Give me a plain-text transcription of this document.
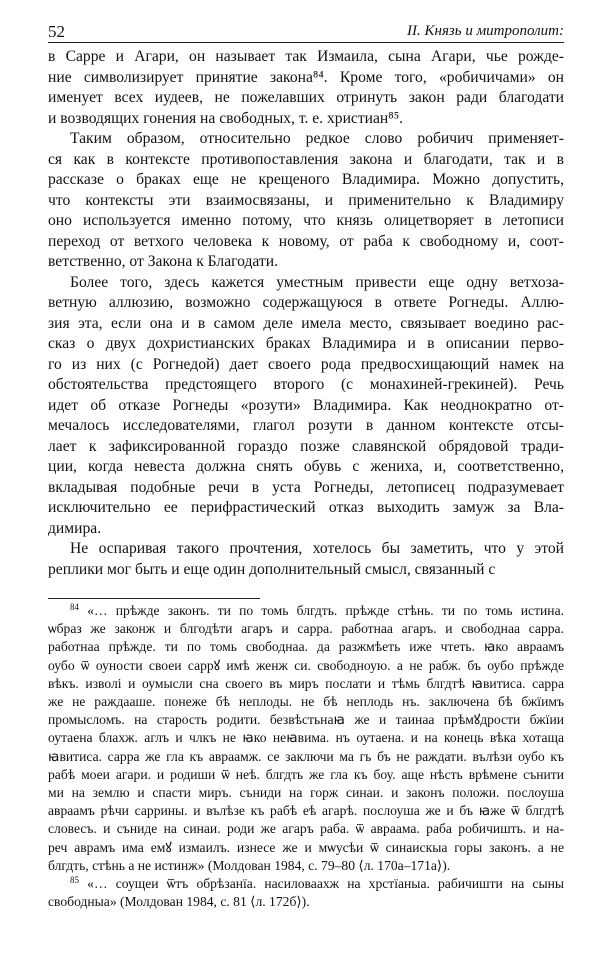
52	II. Князь и митрополит:
в Сарре и Агари, он называет так Измаила, сына Агари, чье рожде-
ние символизирует принятие закона⁸⁴. Кроме того, «робичичами» он
именует всех иудеев, не пожелавших отринуть закон ради благодати
и возводящих гонения на свободных, т. е. христиан⁸⁵.
Таким образом, относительно редкое слово робичич применяет-
ся как в контексте противопоставления закона и благодати, так и в
рассказе о браках еще не крещеного Владимира. Можно допустить,
что контексты эти взаимосвязаны, и применительно к Владимиру
оно используется именно потому, что князь олицетворяет в летописи
переход от ветхого человека к новому, от раба к свободному и, соот-
ветственно, от Закона к Благодати.
Более того, здесь кажется уместным привести еще одну ветхоза-
ветную аллюзию, возможно содержащуюся в ответе Рогнеды. Аллю-
зия эта, если она и в самом деле имела место, связывает воедино рас-
сказ о двух дохристианских браках Владимира и в описании перво-
го из них (с Рогнедой) дает своего рода предвосхищающий намек на
обстоятельства предстоящего второго (с монахиней-грекиней). Речь
идет об отказе Рогнеды «розути» Владимира. Как неоднократно от-
мечалось исследователями, глагол розути в данном контексте отсы-
лает к зафиксированной гораздо позже славянской обрядовой тради-
ции, когда невеста должна снять обувь с жениха, и, соответственно,
вкладывая подобные речи в уста Рогнеды, летописец подразумевает
исключительно ее перифрастический отказ выходить замуж за Вла-
димира.
Не оспаривая такого прочтения, хотелось бы заметить, что у этой
реплики мог быть и еще один дополнительный смысл, связанный с
$^{84}$ «… прѣжде законъ. ти по томь блгдть. прѣжде стѣнь. ти по томь истина.
ѡбраз же законж и блгодѣти агаръ и сарра. работнаа агаръ. и свободнаа сарра.
работнаа прѣжде. ти по томь свободнаа. да разжмѣеть иже чтеть. ꙗко авраамъ
оубо ѿ оуности своеи саррꙋ имѣ женж си. свободноую. а не рабж. бъ оубо прѣжде
вѣкъ. изволі и оумысли сна своего въ миръ послати и тѣмь блгдтѣ ꙗвитиса. сарра
же не раждааше. понеже бѣ неплоды. не бѣ неплодь нъ. заключена бѣ бжїимъ
промысломъ. на старость родити. безвѣстьнаꙗ же и таинаа прѣмꙋдрости бжїии
оутаена блахж. аглъ и члкъ не ꙗко неꙗвима. нъ оутаена. и на конець вѣка хотаща
ꙗвитиса. сарра же гла къ авраамж. се заключи ма гь бъ не раждати. вълѣзи оубо къ
рабѣ моеи агари. и родиши ѿ неѣ. блгдть же гла къ боу. аще нѣсть врѣмене сънити
ми на землю и спасти миръ. съниди на горж синаи. и законъ положи. послоуша
авраамъ рѣчи саррины. и вълѣзе къ рабѣ еѣ агарѣ. послоуша же и бъ ꙗже ѿ блгдтѣ
словесъ. и съниде на синаи. роди же агаръ раба. ѿ авраама. раба робичишть. и на-
реч аврамъ има емꙋ измаилъ. изнесе же и мѡусѣи ѿ синаискыа горы законъ. а не
блгдть, стѣнь а не истинж» (Молдован 1984, с. 79–80 ⟨л. 170а–171а⟩).
$^{85}$ «… соущеи ѿтъ обрѣзанїа. насиловаахж на хрстїаныа. рабичишти на сыны
свободныа» (Молдован 1984, с. 81 ⟨л. 172б⟩).
